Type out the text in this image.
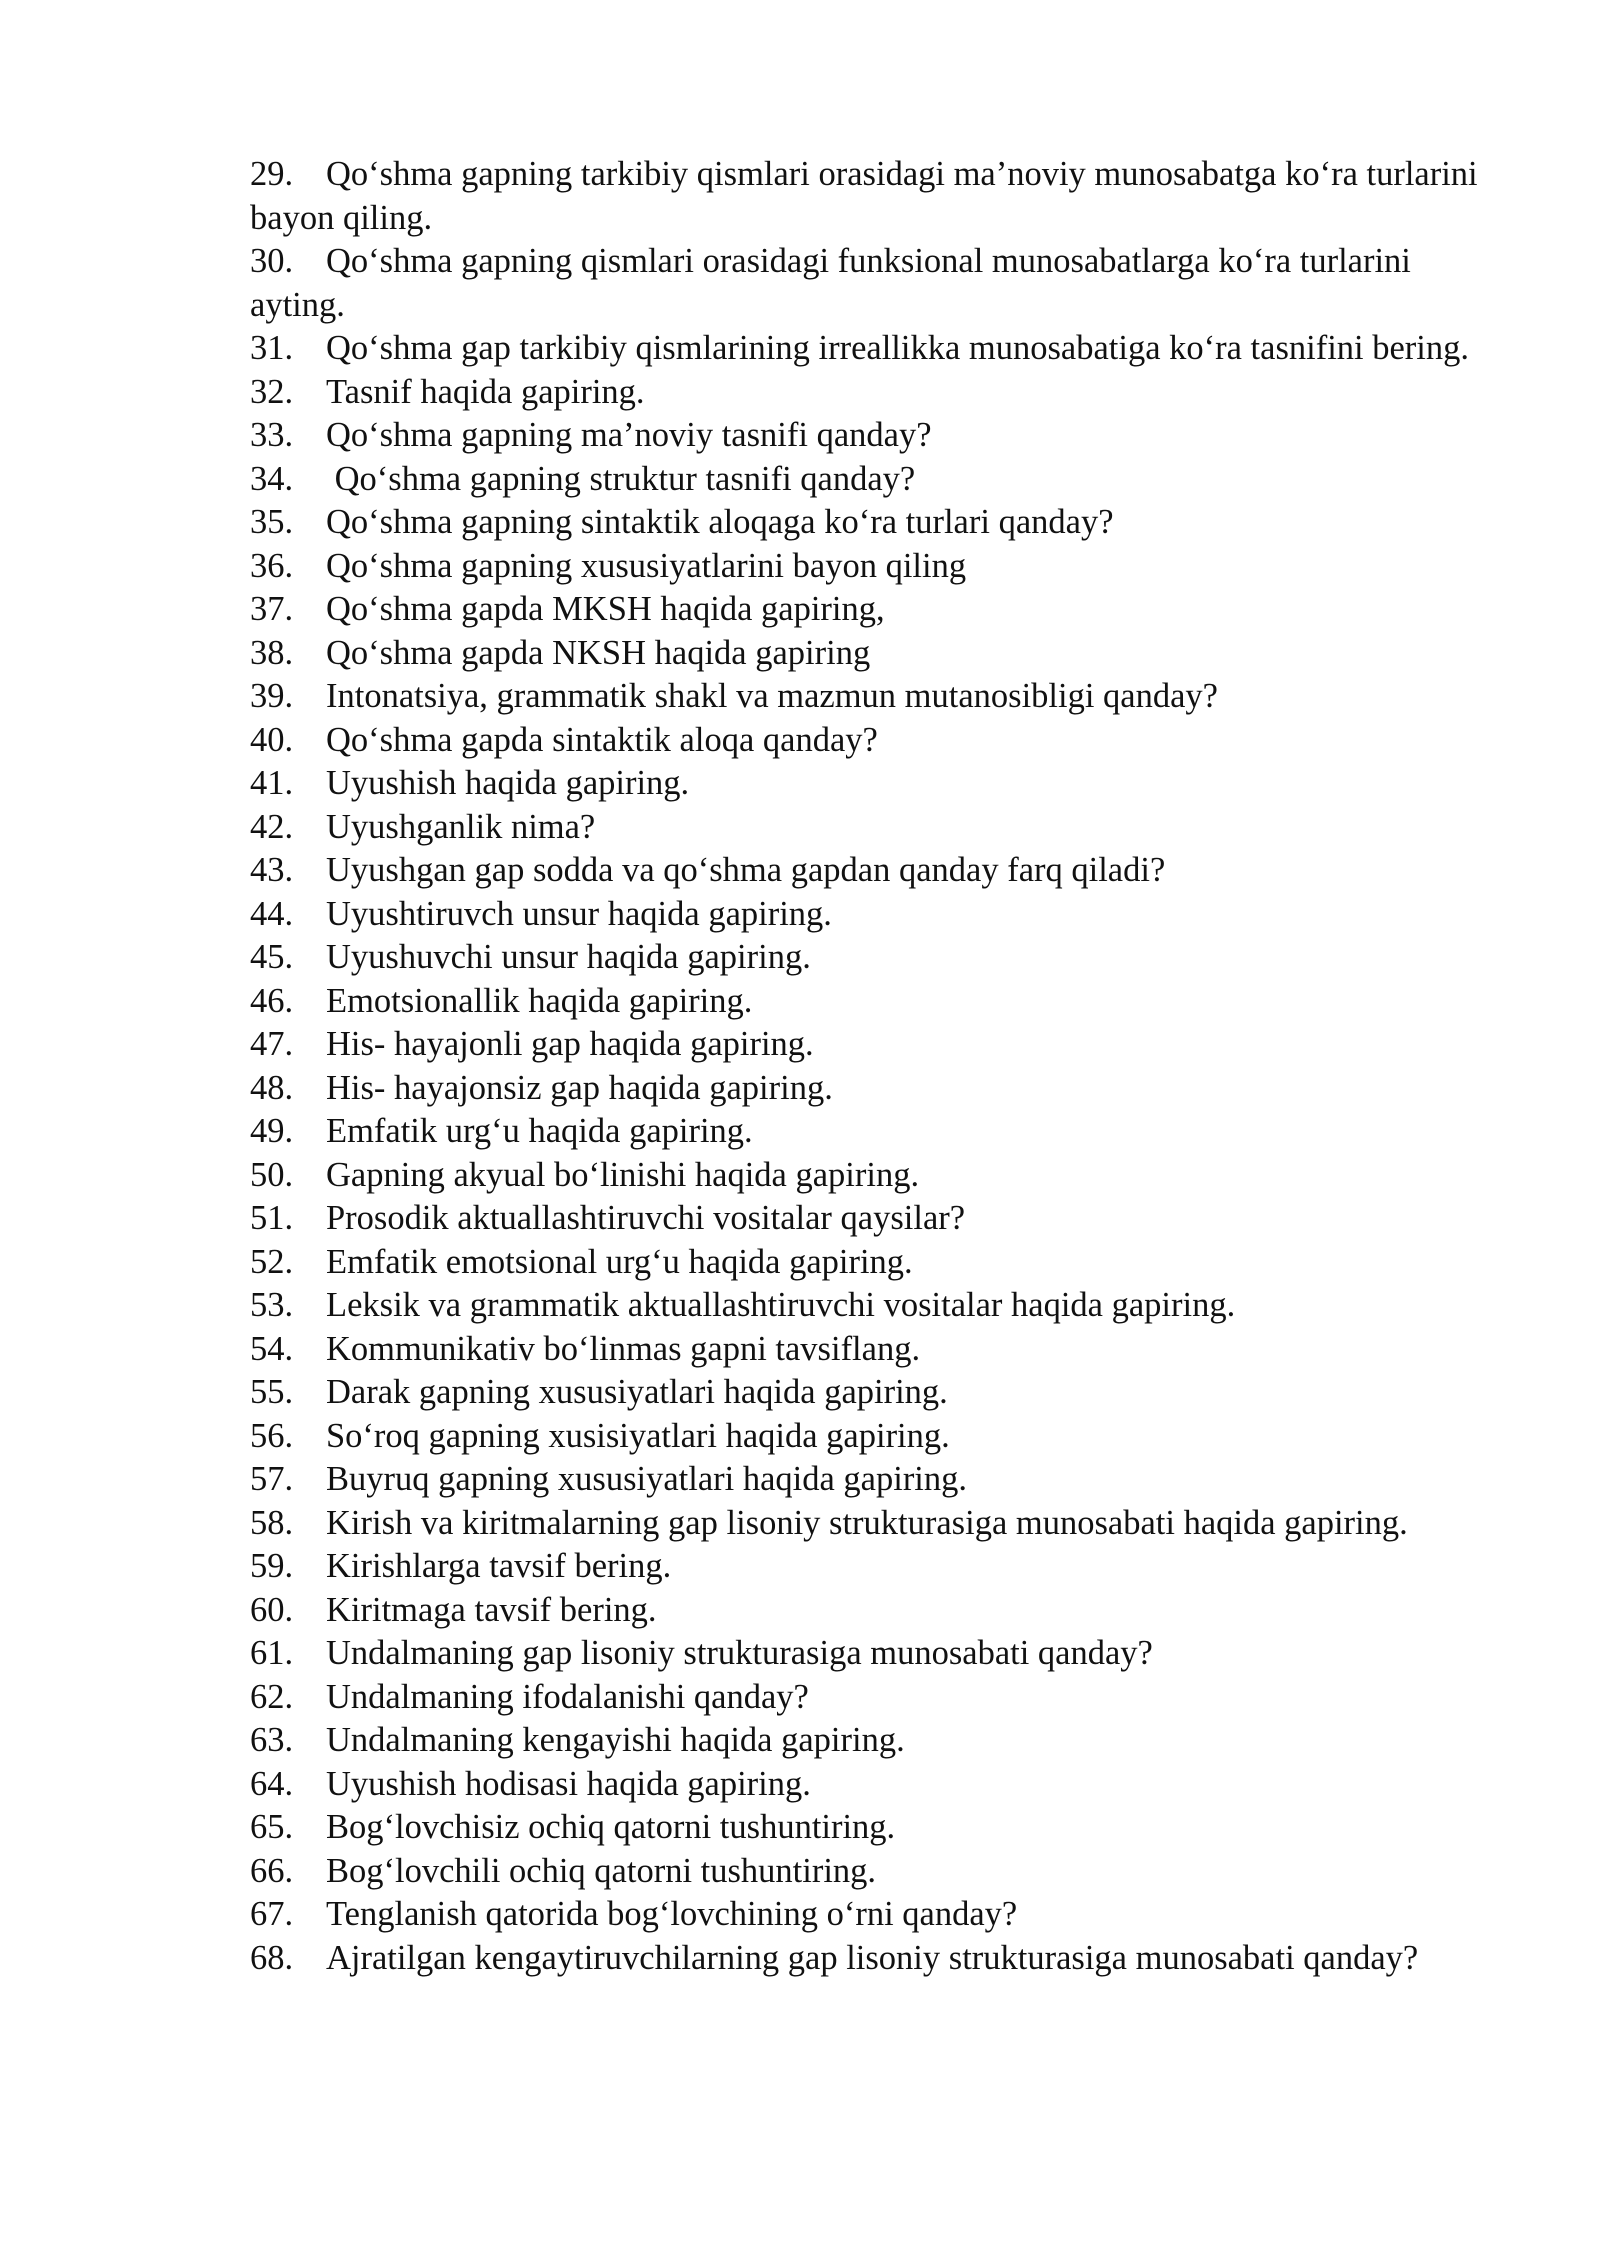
29. Qo‘shma gapning tarkibiy qismlari orasidagi ma’noviy munosabatga ko‘ra turlarini bayon qiling.
30. Qo‘shma gapning qismlari orasidagi funksional munosabatlarga ko‘ra turlarini ayting.
31. Qo‘shma gap tarkibiy qismlarining irreallikka munosabatiga ko‘ra tasnifini bering.
32. Tasnif haqida gapiring.
33. Qo‘shma gapning ma’noviy tasnifi qanday?
34. Qo‘shma gapning struktur tasnifi qanday?
35. Qo‘shma gapning sintaktik aloqaga ko‘ra turlari qanday?
36. Qo‘shma gapning xususiyatlarini bayon qiling
37. Qo‘shma gapda MKSH haqida gapiring,
38. Qo‘shma gapda NKSH haqida gapiring
39. Intonatsiya, grammatik shakl va mazmun mutanosibligi qanday?
40. Qo‘shma gapda sintaktik aloqa qanday?
41. Uyushish haqida gapiring.
42. Uyushganlik nima?
43. Uyushgan gap sodda va qo‘shma gapdan qanday farq qiladi?
44. Uyushtiruvch unsur haqida gapiring.
45. Uyushuvchi unsur haqida gapiring.
46. Emotsionallik haqida gapiring.
47. His- hayajonli gap haqida gapiring.
48. His- hayajonsiz gap haqida gapiring.
49. Emfatik urg‘u haqida gapiring.
50. Gapning akyual bo‘linishi haqida gapiring.
51. Prosodik aktuallashtiruvchi vositalar qaysilar?
52. Emfatik emotsional urg‘u haqida gapiring.
53. Leksik va grammatik aktuallashtiruvchi vositalar haqida gapiring.
54. Kommunikativ bo‘linmas gapni tavsiflang.
55. Darak gapning xususiyatlari haqida gapiring.
56. So‘roq gapning xusisiyatlari haqida gapiring.
57. Buyruq gapning xususiyatlari haqida gapiring.
58. Kirish va kiritmalarning gap lisoniy strukturasiga munosabati haqida gapiring.
59. Kirishlarga tavsif bering.
60. Kiritmaga tavsif bering.
61. Undalmaning gap lisoniy strukturasiga munosabati qanday?
62. Undalmaning ifodalanishi qanday?
63. Undalmaning kengayishi haqida gapiring.
64. Uyushish hodisasi haqida gapiring.
65. Bog‘lovchisiz ochiq qatorni tushuntiring.
66. Bog‘lovchili ochiq qatorni tushuntiring.
67. Tenglanish qatorida bog‘lovchining o‘rni qanday?
68. Ajratilgan kengaytiruvchilarning gap lisoniy strukturasiga munosabati qanday?
